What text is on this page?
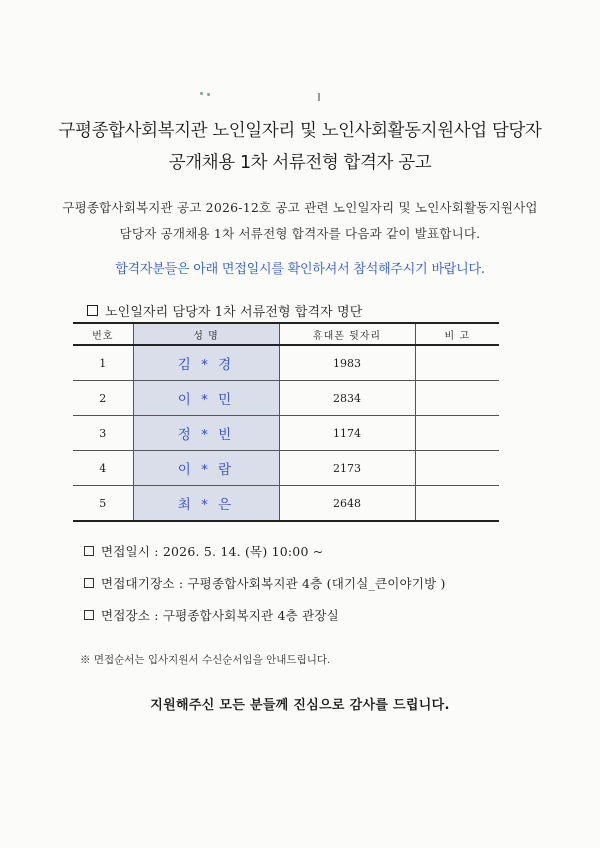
구평종합사회복지관 노인일자리 및 노인사회활동지원사업 담당자
공개채용 1차 서류전형 합격자 공고
구평종합사회복지관 공고 2026-12호 공고 관련 노인일자리 및 노인사회활동지원사업
담당자 공개채용 1차 서류전형 합격자를 다음과 같이 발표합니다.
합격자분들은 아래 면접일시를 확인하셔서 참석해주시기 바랍니다.
노인일자리 담당자 1차 서류전형 합격자 명단
번호	성 명	휴대폰 뒷자리	비 고
1	김 * 경	1983	
2	이 * 민	2834	
3	정 * 빈	1174	
4	이 * 람	2173	
5	최 * 은	2648	
면접일시 : 2026. 5. 14. (목) 10:00 ~
면접대기장소 : 구평종합사회복지관 4층 (대기실_큰이야기방 )
면접장소 : 구평종합사회복지관 4층 관장실
※ 면접순서는 입사지원서 수신순서임을 안내드립니다.
지원해주신 모든 분들께 진심으로 감사를 드립니다.
